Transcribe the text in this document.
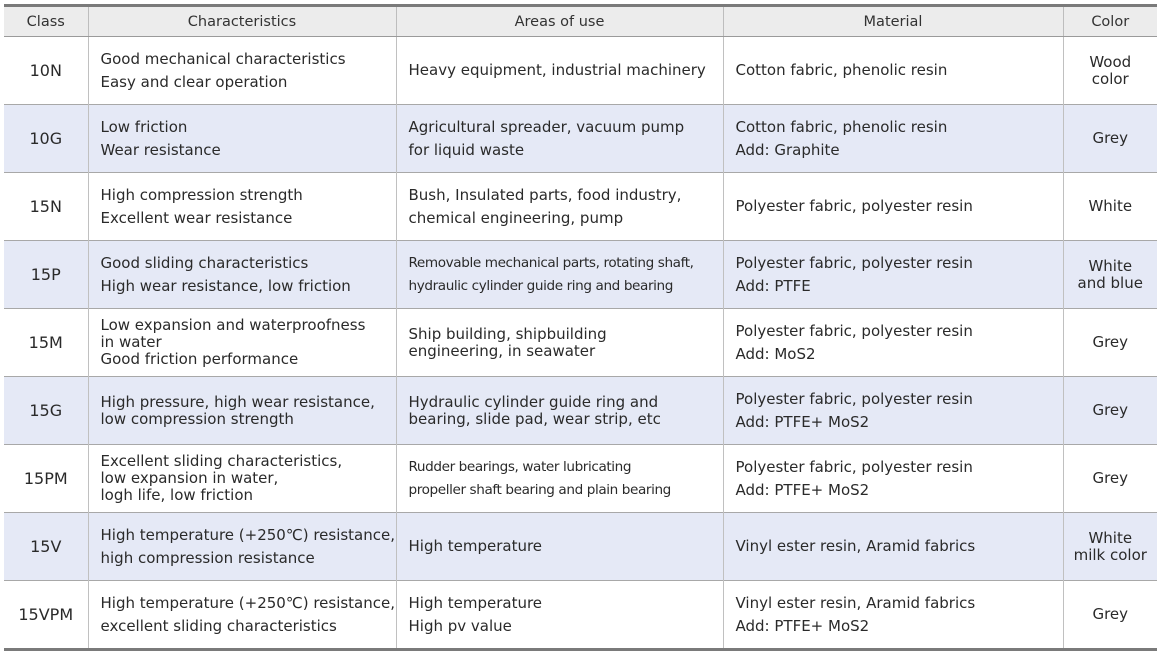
Class	Characteristics	Areas of use	Material	Color
10N	Good mechanical characteristics
Easy and clear operation	Heavy equipment, industrial machinery	Cotton fabric, phenolic resin	Wood
color

10G	Low friction
Wear resistance	Agricultural spreader, vacuum pump
for liquid waste	Cotton fabric, phenolic resin
Add: Graphite	Grey

15N	High compression strength
Excellent wear resistance	Bush, Insulated parts, food industry,
chemical engineering, pump	Polyester fabric, polyester resin	White

15P	Good sliding characteristics
High wear resistance, low friction	Removable mechanical parts, rotating shaft,
hydraulic cylinder guide ring and bearing	Polyester fabric, polyester resin
Add: PTFE	White
and blue

15M	Low expansion and waterproofness
in water
Good friction performance	Ship building, shipbuilding
engineering, in seawater	Polyester fabric, polyester resin
Add: MoS2	Grey

15G	High pressure, high wear resistance,
low compression strength	Hydraulic cylinder guide ring and
bearing, slide pad, wear strip, etc	Polyester fabric, polyester resin
Add: PTFE+ MoS2	Grey

15PM	Excellent sliding characteristics,
low expansion in water,
logh life, low friction	Rudder bearings, water lubricating
propeller shaft bearing and plain bearing	Polyester fabric, polyester resin
Add: PTFE+ MoS2	Grey

15V	High temperature (+250℃) resistance,
high compression resistance	High temperature	Vinyl ester resin, Aramid fabrics	White
milk color

15VPM	High temperature (+250℃) resistance,
excellent sliding characteristics	High temperature
High pv value	Vinyl ester resin, Aramid fabrics
Add: PTFE+ MoS2	Grey
